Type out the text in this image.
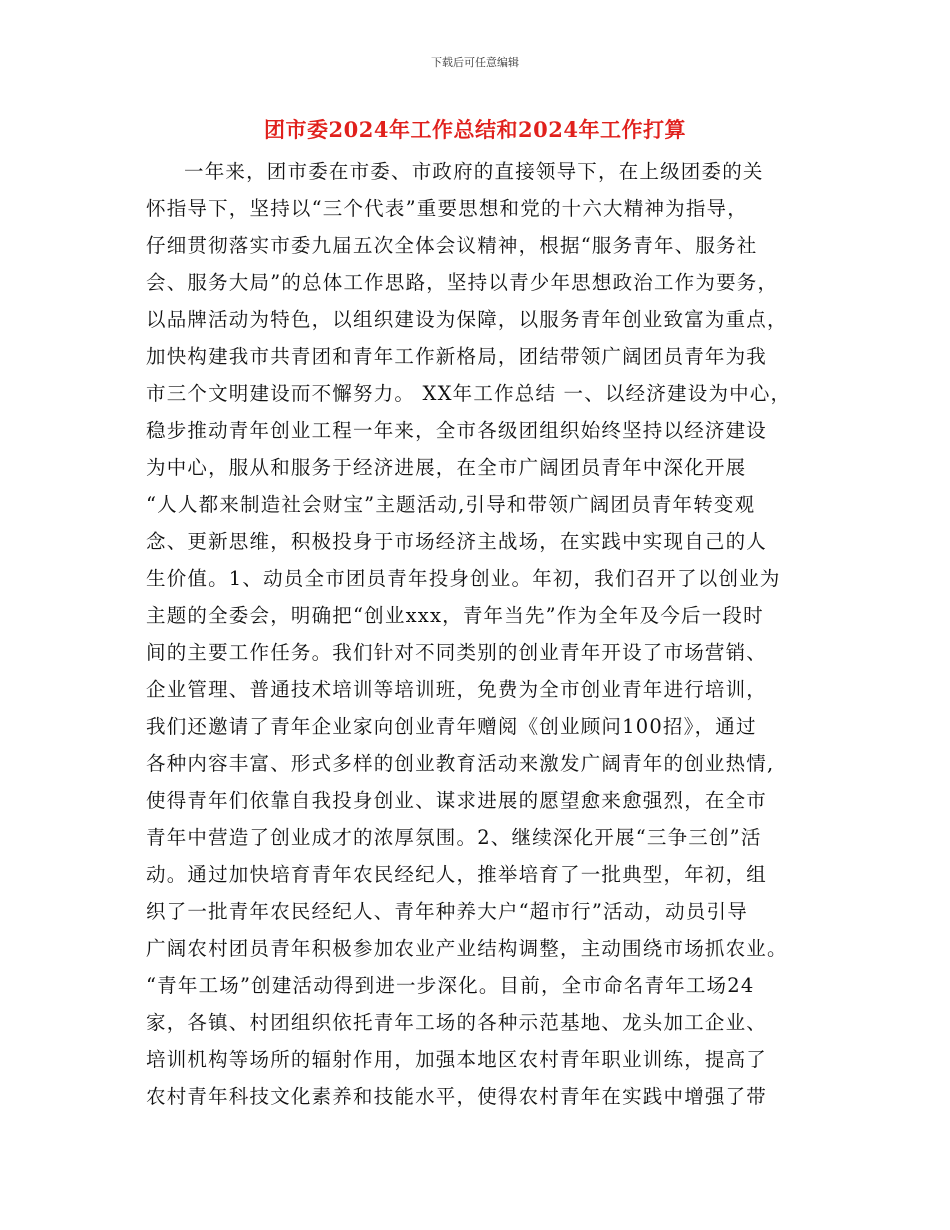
下载后可任意编辑
团市委2024年工作总结和2024年工作打算
一年来，团市委在市委、市政府的直接领导下，在上级团委的关
怀指导下，坚持以“三个代表”重要思想和党的十六大精神为指导，
仔细贯彻落实市委九届五次全体会议精神，根据“服务青年、服务社
会、服务大局”的总体工作思路，坚持以青少年思想政治工作为要务，
以品牌活动为特色，以组织建设为保障，以服务青年创业致富为重点，
加快构建我市共青团和青年工作新格局，团结带领广阔团员青年为我
市三个文明建设而不懈努力。 XX年工作总结 一、以经济建设为中心，
稳步推动青年创业工程一年来，全市各级团组织始终坚持以经济建设
为中心，服从和服务于经济进展，在全市广阔团员青年中深化开展
“人人都来制造社会财宝”主题活动,引导和带领广阔团员青年转变观
念、更新思维，积极投身于市场经济主战场，在实践中实现自己的人
生价值。1、动员全市团员青年投身创业。年初，我们召开了以创业为
主题的全委会，明确把“创业xxx，青年当先”作为全年及今后一段时
间的主要工作任务。我们针对不同类别的创业青年开设了市场营销、
企业管理、普通技术培训等培训班，免费为全市创业青年进行培训，
我们还邀请了青年企业家向创业青年赠阅《创业顾问100招》，通过
各种内容丰富、形式多样的创业教育活动来激发广阔青年的创业热情,
使得青年们依靠自我投身创业、谋求进展的愿望愈来愈强烈，在全市
青年中营造了创业成才的浓厚氛围。2、继续深化开展“三争三创”活
动。通过加快培育青年农民经纪人，推举培育了一批典型，年初，组
织了一批青年农民经纪人、青年种养大户“超市行”活动，动员引导
广阔农村团员青年积极参加农业产业结构调整，主动围绕市场抓农业。
“青年工场”创建活动得到进一步深化。目前，全市命名青年工场24
家，各镇、村团组织依托青年工场的各种示范基地、龙头加工企业、
培训机构等场所的辐射作用，加强本地区农村青年职业训练，提高了
农村青年科技文化素养和技能水平，使得农村青年在实践中增强了带
